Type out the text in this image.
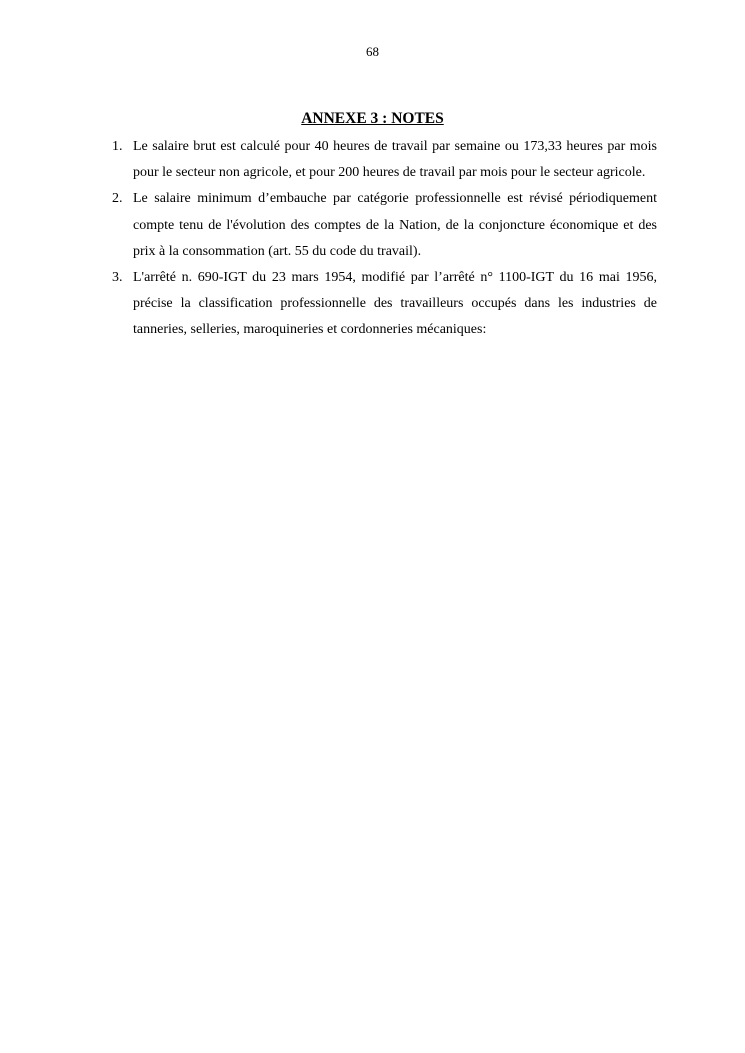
68
ANNEXE 3 : NOTES
1. Le salaire brut est calculé pour 40 heures de travail par semaine ou 173,33 heures par mois pour le secteur non agricole, et pour 200 heures de travail par mois pour le secteur agricole.
2. Le salaire minimum d’embauche par catégorie professionnelle est révisé périodiquement compte tenu de l'évolution des comptes de la Nation, de la conjoncture économique et des prix à la consommation (art. 55 du code du travail).
3. L'arrêté n. 690-IGT du 23 mars 1954, modifié par l’arrêté n° 1100-IGT du 16 mai 1956, précise la classification professionnelle des travailleurs occupés dans les industries de tanneries, selleries, maroquineries et cordonneries mécaniques:
